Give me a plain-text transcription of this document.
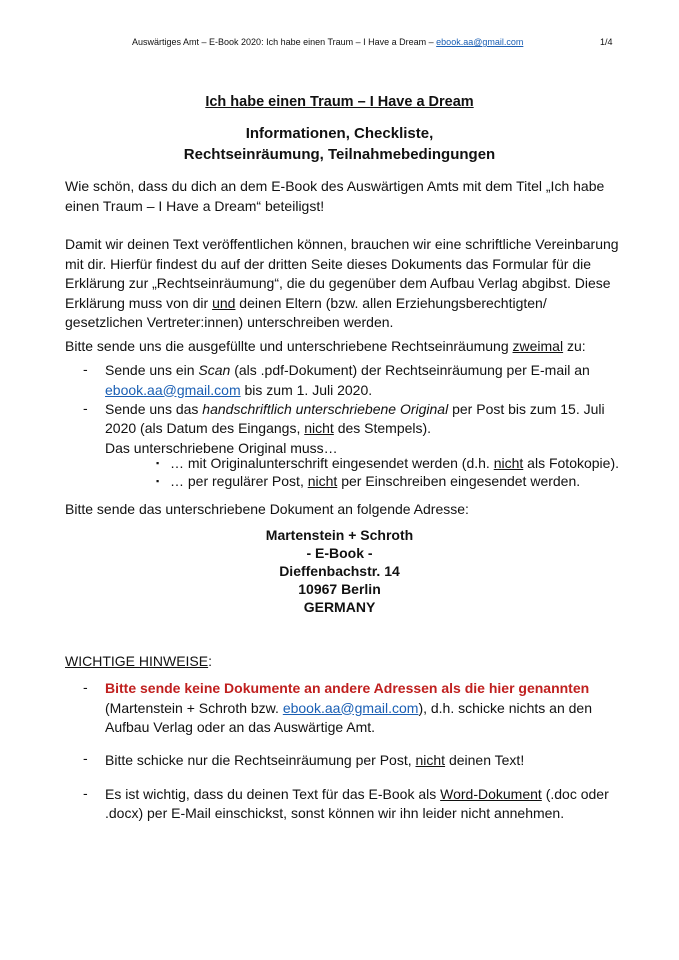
Auswärtiges Amt – E-Book 2020: Ich habe einen Traum – I Have a Dream – ebook.aa@gmail.com	1/4
Ich habe einen Traum – I Have a Dream
Informationen, Checkliste,
Rechtseinräumung, Teilnahmebedingungen
Wie schön, dass du dich an dem E-Book des Auswärtigen Amts mit dem Titel „Ich habe
einen Traum – I Have a Dream“ beteiligst!
Damit wir deinen Text veröffentlichen können, brauchen wir eine schriftliche Vereinbarung
mit dir. Hierfür findest du auf der dritten Seite dieses Dokuments das Formular für die
Erklärung zur „Rechtseinräumung“, die du gegenüber dem Aufbau Verlag abgibst. Diese
Erklärung muss von dir und deinen Eltern (bzw. allen Erziehungsberechtigten/
gesetzlichen Vertreter:innen) unterschreiben werden.
Bitte sende uns die ausgefüllte und unterschriebene Rechtseinräumung zweimal zu:
- Sende uns ein Scan (als .pdf-Dokument) der Rechtseinräumung per E-mail an
ebook.aa@gmail.com bis zum 1. Juli 2020.
- Sende uns das handschriftlich unterschriebene Original per Post bis zum 15. Juli
2020 (als Datum des Eingangs, nicht des Stempels).
Das unterschriebene Original muss…
▪ … mit Originalunterschrift eingesendet werden (d.h. nicht als Fotokopie).
▪ … per regulärer Post, nicht per Einschreiben eingesendet werden.
Bitte sende das unterschriebene Dokument an folgende Adresse:
Martenstein + Schroth
- E-Book -
Dieffenbachstr. 14
10967 Berlin
GERMANY
WICHTIGE HINWEISE:
- Bitte sende keine Dokumente an andere Adressen als die hier genannten
(Martenstein + Schroth bzw. ebook.aa@gmail.com), d.h. schicke nichts an den
Aufbau Verlag oder an das Auswärtige Amt.
- Bitte schicke nur die Rechtseinräumung per Post, nicht deinen Text!
- Es ist wichtig, dass du deinen Text für das E-Book als Word-Dokument (.doc oder
.docx) per E-Mail einschickst, sonst können wir ihn leider nicht annehmen.
